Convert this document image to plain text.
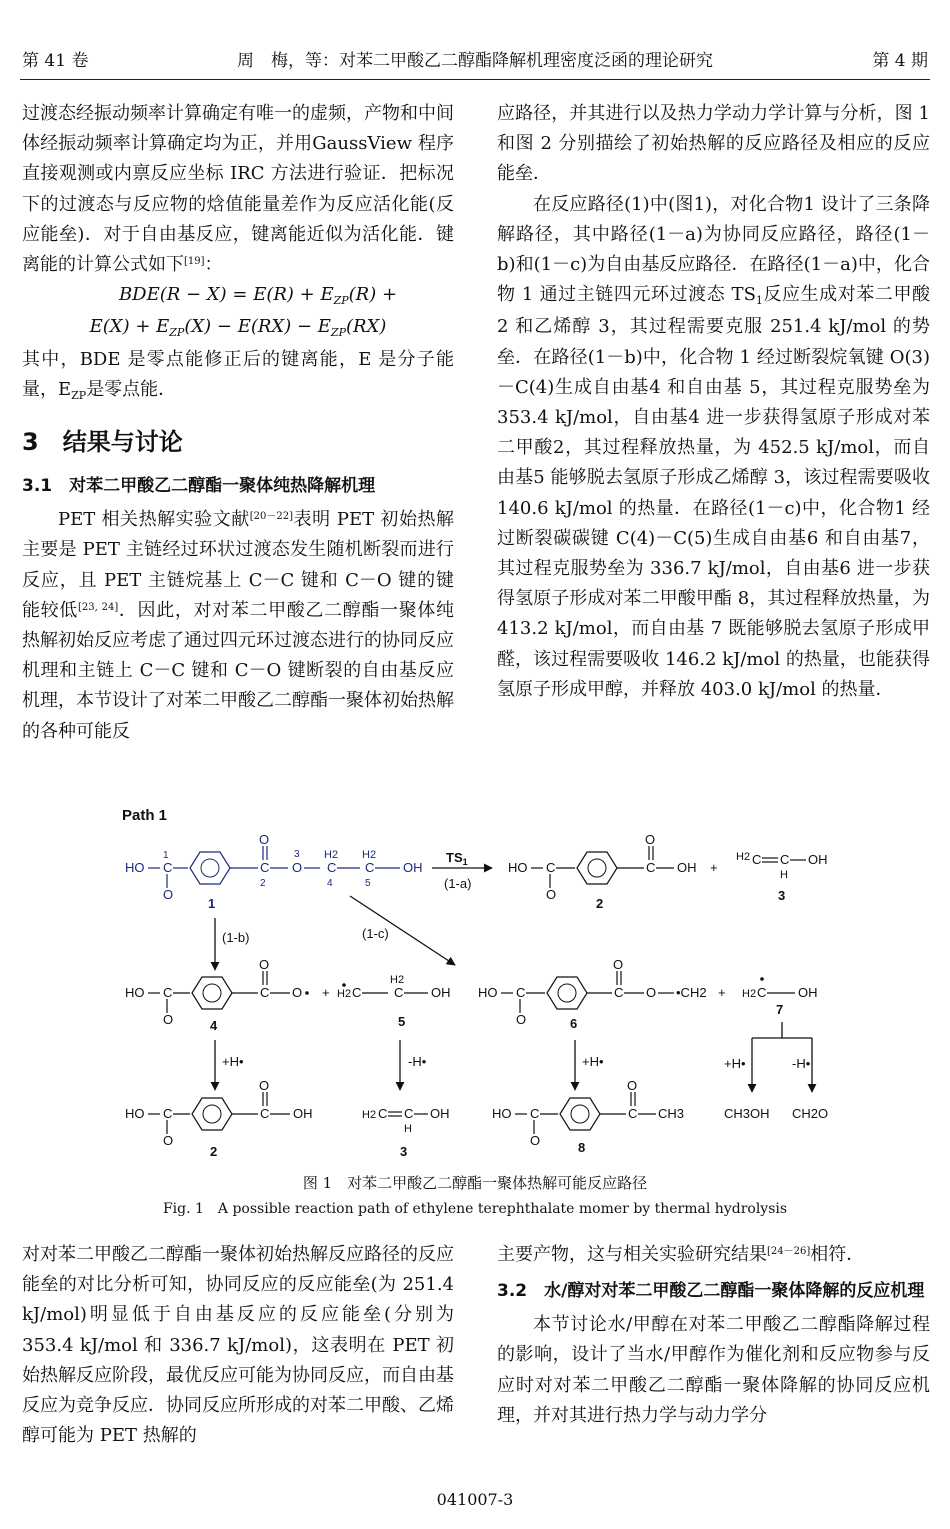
第 41 卷	周　梅，等：对苯二甲酸乙二醇酯降解机理密度泛函的理论研究	第 4 期

过渡态经振动频率计算确定有唯一的虚频，产物和中间体经振动频率计算确定均为正，并用GaussView 程序直接观测或内禀反应坐标 IRC 方法进行验证．把标况下的过渡态与反应物的焓值能量差作为反应活化能(反应能垒)．对于自由基反应，键离能近似为活化能．键离能的计算公式如下[19]：

$BDE(R - X) = E(R) + E_{ZP}(R)$ +

$E(X) + E_{ZP}(X) - E(RX) - E_{ZP}(RX)$

其中，BDE 是零点能修正后的键离能，E 是分子能量，$E_{ZP}$是零点能．

3　结果与讨论
3.1　对苯二甲酸乙二醇酯一聚体纯热降解机理

PET 相关热解实验文献[20－22]表明 PET 初始热解主要是 PET 主链经过环状过渡态发生随机断裂而进行反应，且 PET 主链烷基上 C－C 键和 C－O 键的键能较低[23, 24]．因此，对对苯二甲酸乙二醇酯一聚体纯热解初始反应考虑了通过四元环过渡态进行的协同反应机理和主链上 C－C 键和 C－O 键断裂的自由基反应机理，本节设计了对苯二甲酸乙二醇酯一聚体初始热解的各种可能反

应路径，并其进行以及热力学动力学计算与分析，图 1 和图 2 分别描绘了初始热解的反应路径及相应的反应能垒．

在反应路径(1)中(图1)，对化合物1 设计了三条降解路径，其中路径(1－a)为协同反应路径，路径(1－b)和(1－c)为自由基反应路径．在路径(1－a)中，化合物 1 通过主链四元环过渡态 $TS_1$反应生成对苯二甲酸 2 和乙烯醇 3，其过程需要克服 251.4 kJ/mol 的势垒．在路径(1－b)中，化合物 1 经过断裂烷氧键 O(3)－C(4)生成自由基4 和自由基 5，其过程克服势垒为 353.4 kJ/mol，自由基4 进一步获得氢原子形成对苯二甲酸2，其过程释放热量，为 452.5 kJ/mol，而自由基5 能够脱去氢原子形成乙烯醇 3，该过程需要吸收140.6 kJ/mol 的热量．在路径(1－c)中，化合物1 经过断裂碳碳键 C(4)－C(5)生成自由基6 和自由基7，其过程克服势垒为 336.7 kJ/mol，自由基6 进一步获得氢原子形成对苯二甲酸甲酯 8，其过程释放热量，为 413.2 kJ/mol，而自由基 7 既能够脱去氢原子形成甲醛，该过程需要吸收 146.2 kJ/mol 的热量，也能获得氢原子形成甲醇，并释放 403.0 kJ/mol 的热量．

Path 1
HO C
1
O
C
2
O
O
3 H2
C
4
H2
C
5
OH
1
$TS_1$
(1-a)
HO C
O
C
O
OH
2
+
H2 C C
H
OH
3
(1-b)	(1-c)
HO C
O
C
O
O
4
+ H2 C
H2
C OH
5
HO C
O
C
O
O •CH2
6
+ H2 C OH
7
+H•	-H•	+H•	+H•	-H•
HO C
O
C
O
OH
2
H2 C C
H
OH
3
HO C
O
C
O
CH3
8
CH3OH CH2O
图 1　对苯二甲酸乙二醇酯一聚体热解可能反应路径
Fig. 1　A possible reaction path of ethylene terephthalate momer by thermal hydrolysis

对对苯二甲酸乙二醇酯一聚体初始热解反应路径的反应能垒的对比分析可知，协同反应的反应能垒(为 251.4 kJ/mol)明显低于自由基反应的反应能垒(分别为 353.4 kJ/mol 和 336.7 kJ/mol)，这表明在 PET 初始热解反应阶段，最优反应可能为协同反应，而自由基反应为竞争反应．协同反应所形成的对苯二甲酸、乙烯醇可能为 PET 热解的

主要产物，这与相关实验研究结果[24－26]相符．

3.2　水/醇对对苯二甲酸乙二醇酯一聚体降解的反应机理

本节讨论水/甲醇在对苯二甲酸乙二醇酯降解过程的影响，设计了当水/甲醇作为催化剂和反应物参与反应时对对苯二甲酸乙二醇酯一聚体降解的协同反应机理，并对其进行热力学与动力学分

041007-3
